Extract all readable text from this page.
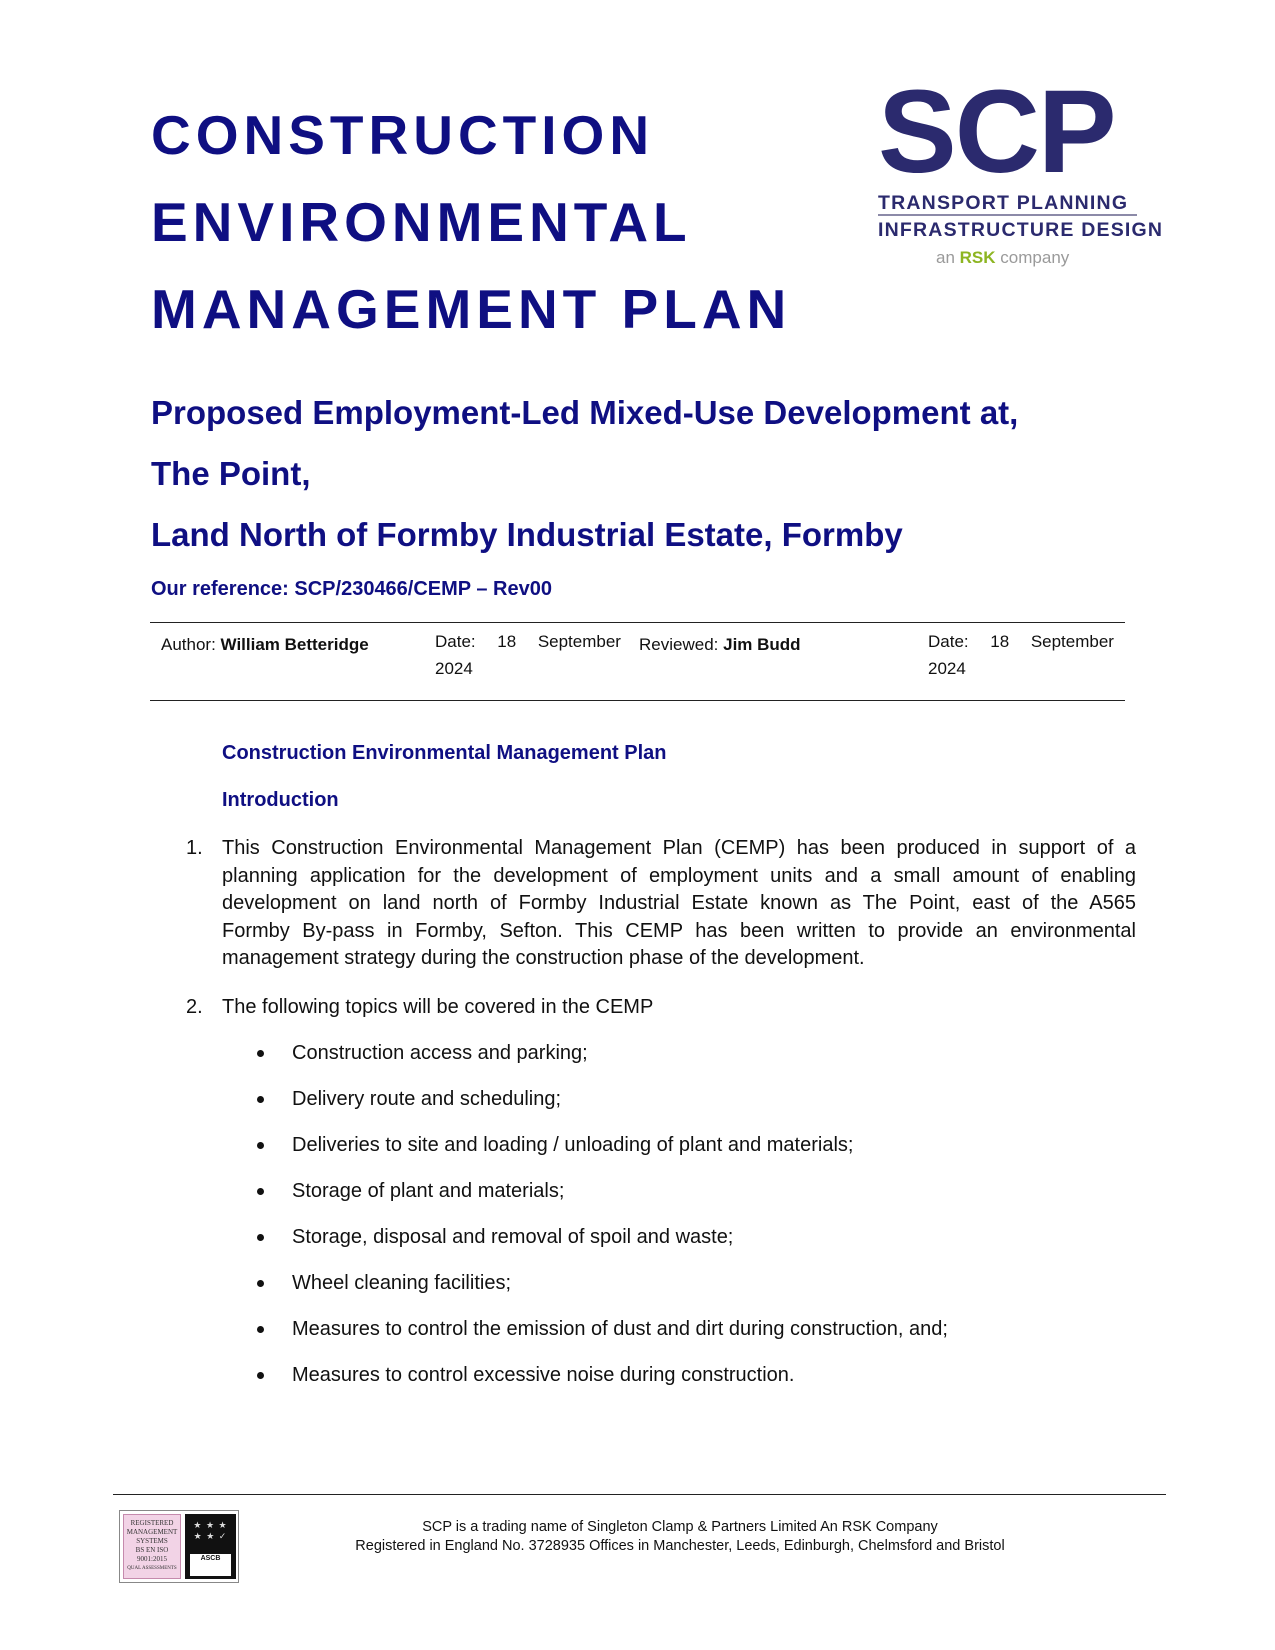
CONSTRUCTION
ENVIRONMENTAL
MANAGEMENT PLAN
SCP
TRANSPORT PLANNING
INFRASTRUCTURE DESIGN
an RSK company
Proposed Employment-Led Mixed-Use Development at,
The Point,
Land North of Formby Industrial Estate, Formby
Our reference: SCP/230466/CEMP – Rev00
Author: William Betteridge	Date: 18 September
2024
Reviewed: Jim Budd	Date: 18 September
2024
Construction Environmental Management Plan
Introduction
1. This Construction Environmental Management Plan (CEMP) has been produced in support of a
planning application for the development of employment units and a small amount of enabling
development on land north of Formby Industrial Estate known as The Point, east of the A565
Formby By-pass in Formby, Sefton. This CEMP has been written to provide an environmental
management strategy during the construction phase of the development.
2. The following topics will be covered in the CEMP
Construction access and parking;
Delivery route and scheduling;
Deliveries to site and loading / unloading of plant and materials;
Storage of plant and materials;
Storage, disposal and removal of spoil and waste;
Wheel cleaning facilities;
Measures to control the emission of dust and dirt during construction, and;
Measures to control excessive noise during construction.
REGISTERED
MANAGEMENT
SYSTEMS
BS EN ISO
9001:2015
QUAL ASSESSMENTS
★ ★ ★
★ ★ ✓
ASCB
SCP is a trading name of Singleton Clamp & Partners Limited An RSK Company
Registered in England No. 3728935 Offices in Manchester, Leeds, Edinburgh, Chelmsford and Bristol
